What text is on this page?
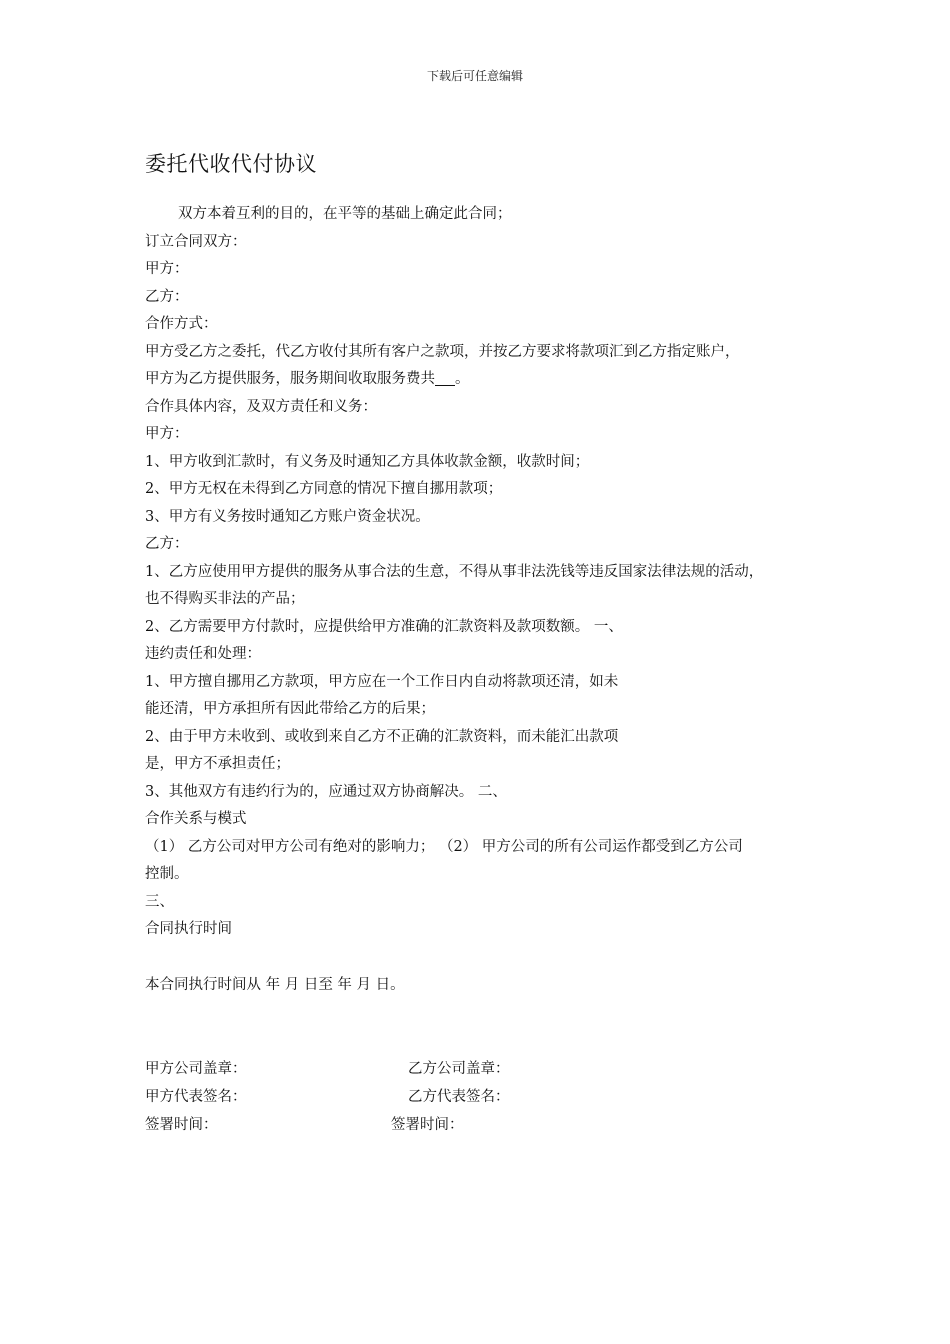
下载后可任意编辑
委托代收代付协议
双方本着互利的目的，在平等的基础上确定此合同；
订立合同双方：
甲方：
乙方：
合作方式：
甲方受乙方之委托，代乙方收付其所有客户之款项，并按乙方要求将款项汇到乙方指定账户，
甲方为乙方提供服务，服务期间收取服务费共 。
合作具体内容，及双方责任和义务：
甲方：
1、甲方收到汇款时，有义务及时通知乙方具体收款金额，收款时间；
2、甲方无权在未得到乙方同意的情况下擅自挪用款项；
3、甲方有义务按时通知乙方账户资金状况。
乙方：
1、乙方应使用甲方提供的服务从事合法的生意，不得从事非法洗钱等违反国家法律法规的活动，
也不得购买非法的产品；
2、乙方需要甲方付款时，应提供给甲方准确的汇款资料及款项数额。 一、
违约责任和处理：
1、甲方擅自挪用乙方款项，甲方应在一个工作日内自动将款项还清，如未
能还清，甲方承担所有因此带给乙方的后果；
2、由于甲方未收到、或收到来自乙方不正确的汇款资料，而未能汇出款项
是，甲方不承担责任；
3、其他双方有违约行为的，应通过双方协商解决。 二、
合作关系与模式
（1） 乙方公司对甲方公司有绝对的影响力； （2） 甲方公司的所有公司运作都受到乙方公司
控制。
三、
合同执行时间
本合同执行时间从 年 月 日至 年 月 日。
甲方公司盖章：	乙方公司盖章：
甲方代表签名：	乙方代表签名：
签署时间：	签署时间：
